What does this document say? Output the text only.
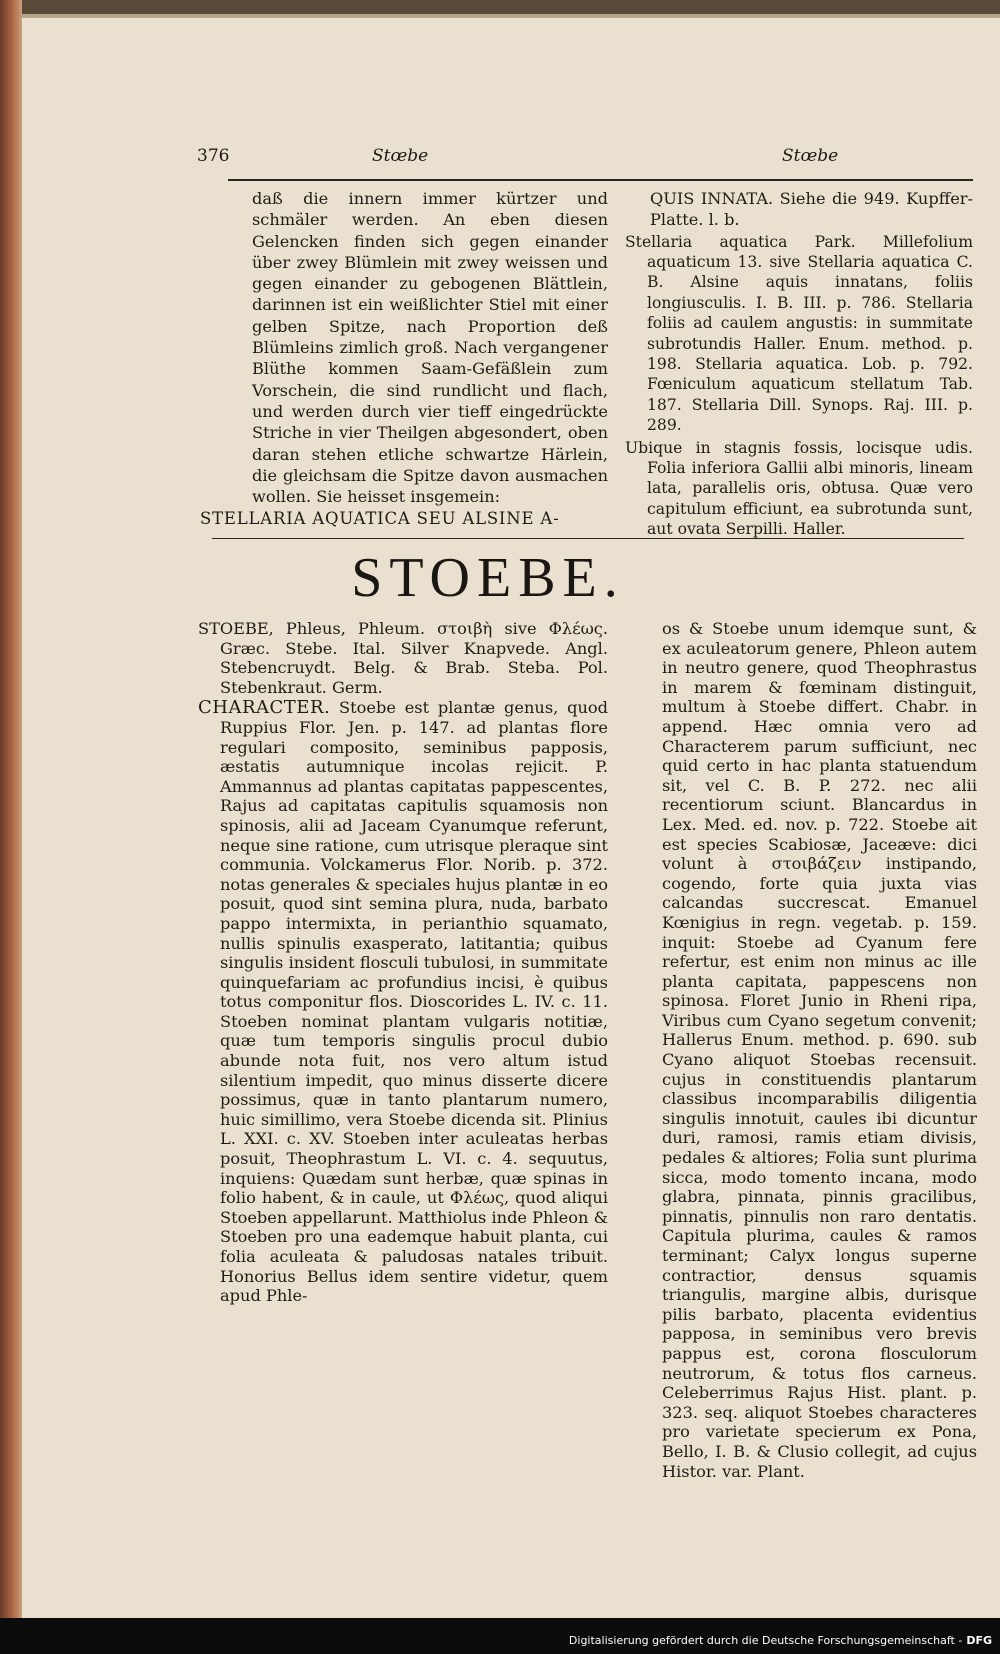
376	Stœbe	Stœbe

daß die innern immer kürtzer und schmäler werden. An eben diesen Gelencken finden sich gegen einander über zwey Blümlein mit zwey weissen und gegen einander zu gebogenen Blättlein, darinnen ist ein weißlichter Stiel mit einer gelben Spitze, nach Proportion deß Blümleins zimlich groß. Nach vergangener Blüthe kommen Saam-Gefäßlein zum Vorschein, die sind rundlicht und flach, und werden durch vier tieff eingedrückte Striche in vier Theilgen abgesondert, oben daran stehen etliche schwartze Härlein, die gleichsam die Spitze davon ausmachen wollen. Sie heisset insgemein:

STELLARIA AQUATICA SEU ALSINE A-

QUIS INNATA. Siehe die 949. Kupffer-Platte. l. b.

Stellaria aquatica Park. Millefolium aquaticum 13. sive Stellaria aquatica C. B. Alsine aquis innatans, foliis longiusculis. I. B. III. p. 786. Stellaria foliis ad caulem angustis: in summitate subrotundis Haller. Enum. method. p. 198. Stellaria aquatica. Lob. p. 792. Fœniculum aquaticum stellatum Tab. 187. Stellaria Dill. Synops. Raj. III. p. 289.

Ubique in stagnis fossis, locisque udis. Folia inferiora Gallii albi minoris, lineam lata, parallelis oris, obtusa. Quæ vero capitulum efficiunt, ea subrotunda sunt, aut ovata Serpilli. Haller.

STOEBE.

STOEBE, Phleus, Phleum. στοιβὴ sive Φλέως. Græc. Stebe. Ital. Silver Knapvede. Angl. Stebencruydt. Belg. & Brab. Steba. Pol. Stebenkraut. Germ.

CHARACTER. Stoebe est plantæ genus, quod Ruppius Flor. Jen. p. 147. ad plantas flore regulari composito, seminibus papposis, æstatis autumnique incolas rejicit. P. Ammannus ad plantas capitatas pappescentes, Rajus ad capitatas capitulis squamosis non spinosis, alii ad Jaceam Cyanumque referunt, neque sine ratione, cum utrisque pleraque sint communia. Volckamerus Flor. Norib. p. 372. notas generales & speciales hujus plantæ in eo posuit, quod sint semina plura, nuda, barbato pappo intermixta, in perianthio squamato, nullis spinulis exasperato, latitantia; quibus singulis insident flosculi tubulosi, in summitate quinquefariam ac profundius incisi, è quibus totus componitur flos. Dioscorides L. IV. c. 11. Stoeben nominat plantam vulgaris notitiæ, quæ tum temporis singulis procul dubio abunde nota fuit, nos vero altum istud silentium impedit, quo minus disserte dicere possimus, quæ in tanto plantarum numero, huic simillimo, vera Stoebe dicenda sit. Plinius L. XXI. c. XV. Stoeben inter aculeatas herbas posuit, Theophrastum L. VI. c. 4. sequutus, inquiens: Quædam sunt herbæ, quæ spinas in folio habent, & in caule, ut Φλέως, quod aliqui Stoeben appellarunt. Matthiolus inde Phleon & Stoeben pro una eademque habuit planta, cui folia aculeata & paludosas natales tribuit. Honorius Bellus idem sentire videtur, quem apud Phle-

os & Stoebe unum idemque sunt, & ex aculeatorum genere, Phleon autem in neutro genere, quod Theophrastus in marem & fœminam distinguit, multum à Stoebe differt. Chabr. in append. Hæc omnia vero ad Characterem parum sufficiunt, nec quid certo in hac planta statuendum sit, vel C. B. P. 272. nec alii recentiorum sciunt. Blancardus in Lex. Med. ed. nov. p. 722. Stoebe ait est species Scabiosæ, Jaceæve: dici volunt à στοιβάζειν instipando, cogendo, forte quia juxta vias calcandas succrescat. Emanuel Kœnigius in regn. vegetab. p. 159. inquit: Stoebe ad Cyanum fere refertur, est enim non minus ac ille planta capitata, pappescens non spinosa. Floret Junio in Rheni ripa, Viribus cum Cyano segetum convenit; Hallerus Enum. method. p. 690. sub Cyano aliquot Stoebas recensuit. cujus in constituendis plantarum classibus incomparabilis diligentia singulis innotuit, caules ibi dicuntur duri, ramosi, ramis etiam divisis, pedales & altiores; Folia sunt plurima sicca, modo tomento incana, modo glabra, pinnata, pinnis gracilibus, pinnatis, pinnulis non raro dentatis. Capitula plurima, caules & ramos terminant; Calyx longus superne contractior, densus squamis triangulis, margine albis, durisque pilis barbato, placenta evidentius papposa, in seminibus vero brevis pappus est, corona flosculorum neutrorum, & totus flos carneus. Celeberrimus Rajus Hist. plant. p. 323. seq. aliquot Stoebes characteres pro varietate specierum ex Pona, Bello, I. B. & Clusio collegit, ad cujus Histor. var. Plant.

Digitalisierung gefördert durch die Deutsche Forschungsgemeinschaft - DFG
